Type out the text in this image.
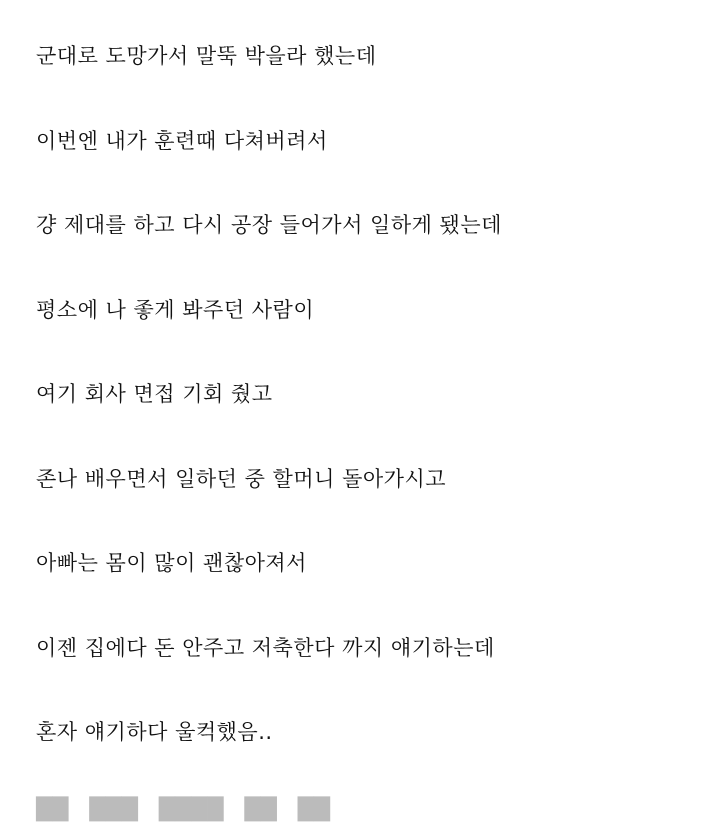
군대로 도망가서 말뚝 박을라 했는데
이번엔 내가 훈련때 다쳐버려서
걍 제대를 하고 다시 공장 들어가서 일하게 됐는데
평소에 나 좋게 봐주던 사람이
여기 회사 면접 기회 줬고
존나 배우면서 일하던 중 할머니 돌아가시고
아빠는 몸이 많이 괜찮아져서
이젠 집에다 돈 안주고 저축한다 까지 얘기하는데
혼자 얘기하다 울컥했음..
██ ███ ████ ██ ██
